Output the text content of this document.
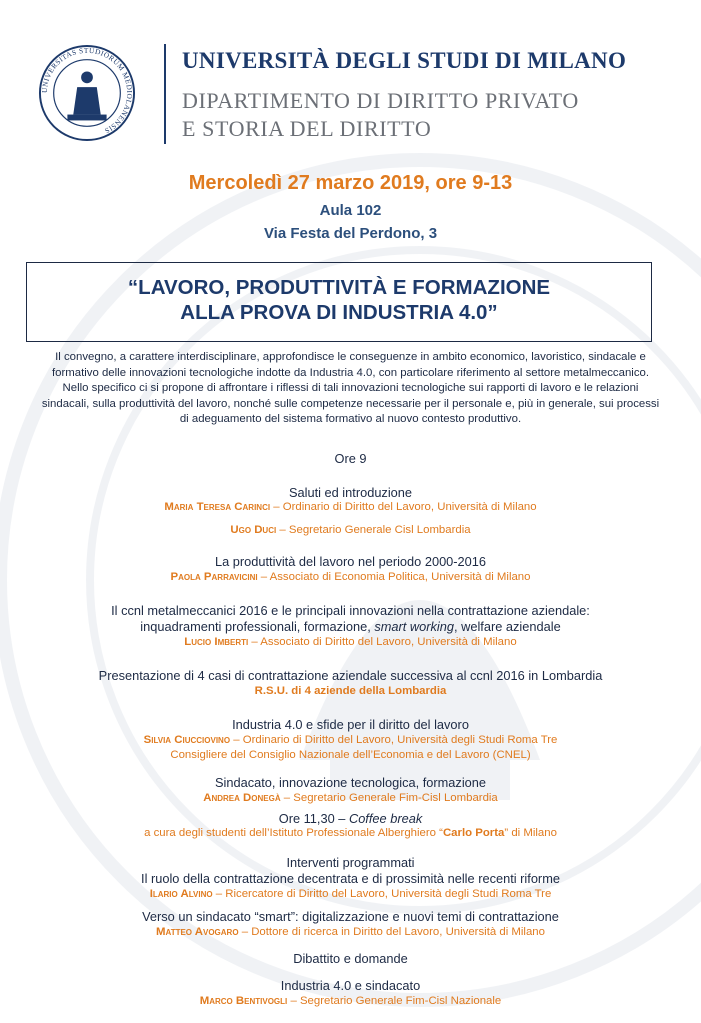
UNIVERSITAS STUDIORUM MEDIOLANENSIS
UNIVERSITÀ DEGLI STUDI DI MILANO
DIPARTIMENTO DI DIRITTO PRIVATO
E STORIA DEL DIRITTO
Mercoledì 27 marzo 2019, ore 9-13
Aula 102
Via Festa del Perdono, 3
“LAVORO, PRODUTTIVITÀ E FORMAZIONE
ALLA PROVA DI INDUSTRIA 4.0”
Il convegno, a carattere interdisciplinare, approfondisce le conseguenze in ambito economico, lavoristico, sindacale e formativo delle innovazioni tecnologiche indotte da Industria 4.0, con particolare riferimento al settore metalmeccanico. Nello specifico ci si propone di affrontare i riflessi di tali innovazioni tecnologiche sui rapporti di lavoro e le relazioni sindacali, sulla produttività del lavoro, nonché sulle competenze necessarie per il personale e, più in generale, sui processi di adeguamento del sistema formativo al nuovo contesto produttivo.
Ore 9
Saluti ed introduzione
Maria Teresa Carinci – Ordinario di Diritto del Lavoro, Università di Milano
Ugo Duci – Segretario Generale Cisl Lombardia
La produttività del lavoro nel periodo 2000-2016
Paola Parravicini – Associato di Economia Politica, Università di Milano
Il ccnl metalmeccanici 2016 e le principali innovazioni nella contrattazione aziendale:
inquadramenti professionali, formazione, smart working, welfare aziendale
Lucio Imberti – Associato di Diritto del Lavoro, Università di Milano
Presentazione di 4 casi di contrattazione aziendale successiva al ccnl 2016 in Lombardia
R.S.U. di 4 aziende della Lombardia
Industria 4.0 e sfide per il diritto del lavoro
Silvia Ciucciovino – Ordinario di Diritto del Lavoro, Università degli Studi Roma Tre
Consigliere del Consiglio Nazionale dell’Economia e del Lavoro (CNEL)
Sindacato, innovazione tecnologica, formazione
Andrea Donegà – Segretario Generale Fim-Cisl Lombardia
Ore 11,30 – Coffee break
a cura degli studenti dell’Istituto Professionale Alberghiero “Carlo Porta” di Milano
Interventi programmati
Il ruolo della contrattazione decentrata e di prossimità nelle recenti riforme
Ilario Alvino – Ricercatore di Diritto del Lavoro, Università degli Studi Roma Tre
Verso un sindacato “smart”: digitalizzazione e nuovi temi di contrattazione
Matteo Avogaro – Dottore di ricerca in Diritto del Lavoro, Università di Milano
Dibattito e domande
Industria 4.0 e sindacato
Marco Bentivogli – Segretario Generale Fim-Cisl Nazionale
